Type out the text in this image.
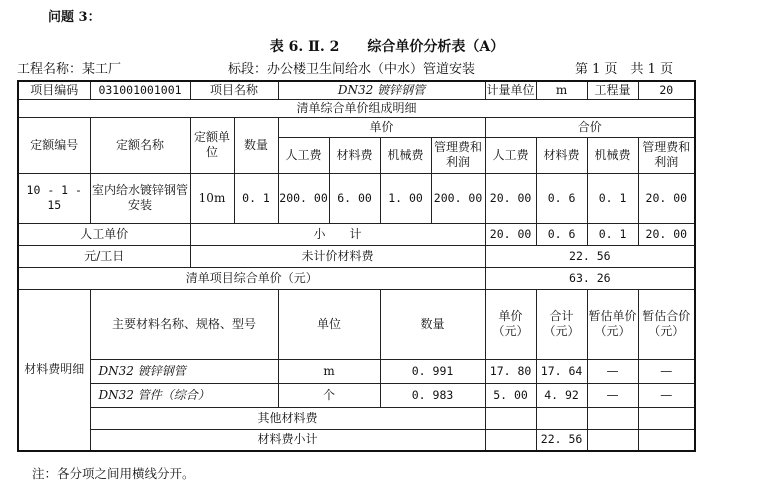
问题 3：
表 6. Ⅱ. 2　　综合单价分析表（A）
工程名称：某工厂	标段：办公楼卫生间给水（中水）管道安装	第 1 页　共 1 页
项目编码	031001001001	项目名称		DN32 镀锌钢管				计量单位	m	工程量	20
清单综合单价组成明细											
定额编号	定额名称	定额单位	数量	单价				合价			
				人工费	材料费	机械费	管理费和利润	人工费	材料费	机械费	管理费和利润
10 - 1 - 15	室内给水镀锌钢管安装	10m	0. 1	200. 00	6. 00	1. 00	200. 00	20. 00	0. 6	0. 1	20. 00
人工单价		小　　计						20. 00	0. 6	0. 1	20. 00
元/工日		未计价材料费						22. 56			
清单项目综合单价（元）								63. 26			
材料费明细	主要材料名称、规格、型号			单位		数量		单价（元）	合计（元）	暂估单价（元）	暂估合价（元）
	DN32 镀锌钢管			m		0. 991		17. 80	17. 64	—	—
	DN32 管件（综合）			个		0. 983		5. 00	4. 92	—	—
	其他材料费										
	材料费小计								22. 56		
注：各分项之间用横线分开。
